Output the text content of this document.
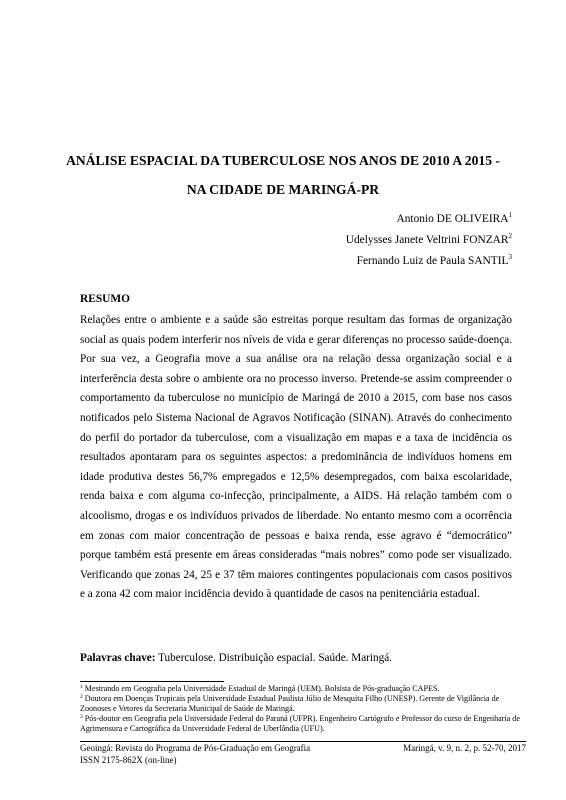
ANÁLISE ESPACIAL DA TUBERCULOSE NOS ANOS DE 2010 A 2015 -
NA CIDADE DE MARINGÁ-PR
Antonio DE OLIVEIRA$^1$
Udelysses Janete Veltrini FONZAR$^2$
Fernando Luiz de Paula SANTIL$^3$
RESUMO

Relações entre o ambiente e a saúde são estreitas porque resultam das formas de organização social as quais podem interferir nos níveis de vida e gerar diferenças no processo saúde-doença. Por sua vez, a Geografia move a sua análise ora na relação dessa organização social e a interferência desta sobre o ambiente ora no processo inverso. Pretende-se assim compreender o comportamento da tuberculose no município de Maringá de 2010 a 2015, com base nos casos notificados pelo Sistema Nacional de Agravos Notificação (SINAN). Através do conhecimento do perfil do portador da tuberculose, com a visualização em mapas e a taxa de incidência os resultados apontaram para os seguintes aspectos: a predominância de indivíduos homens em idade produtiva destes 56,7% empregados e 12,5% desempregados, com baixa escolaridade, renda baixa e com alguma co-infecção, principalmente, a AIDS. Há relação também com o alcoolismo, drogas e os indivíduos privados de liberdade. No entanto mesmo com a ocorrência em zonas com maior concentração de pessoas e baixa renda, esse agravo é “democrático” porque também está presente em áreas consideradas “mais nobres” como pode ser visualizado. Verificando que zonas 24, 25 e 37 têm maiores contingentes populacionais com casos positivos e a zona 42 com maior incidência devido à quantidade de casos na penitenciária estadual.

Palavras chave: Tuberculose. Distribuição espacial. Saúde. Maringá.

$^1$ Mestrando em Geografia pela Universidade Estadual de Maringá (UEM). Bolsista de Pós-graduação CAPES.

$^2$ Doutora em Doenças Tropicais pela Universidade Estadual Paulista Júlio de Mesquita Filho (UNESP). Gerente de Vigilância de Zoonoses e Vetores da Secretaria Municipal de Saúde de Maringá.

$^3$ Pós-doutor em Geografia pela Universidade Federal do Paraná (UFPR). Engenheiro Cartógrafo e Professor do curso de Engenharia de Agrimensura e Cartográfica da Universidade Federal de Uberlândia (UFU).

Geoingá: Revista do Programa de Pós-Graduação em Geografia	Maringá, v. 9, n. 2, p. 52-70, 2017
ISSN 2175-862X (on-line)
